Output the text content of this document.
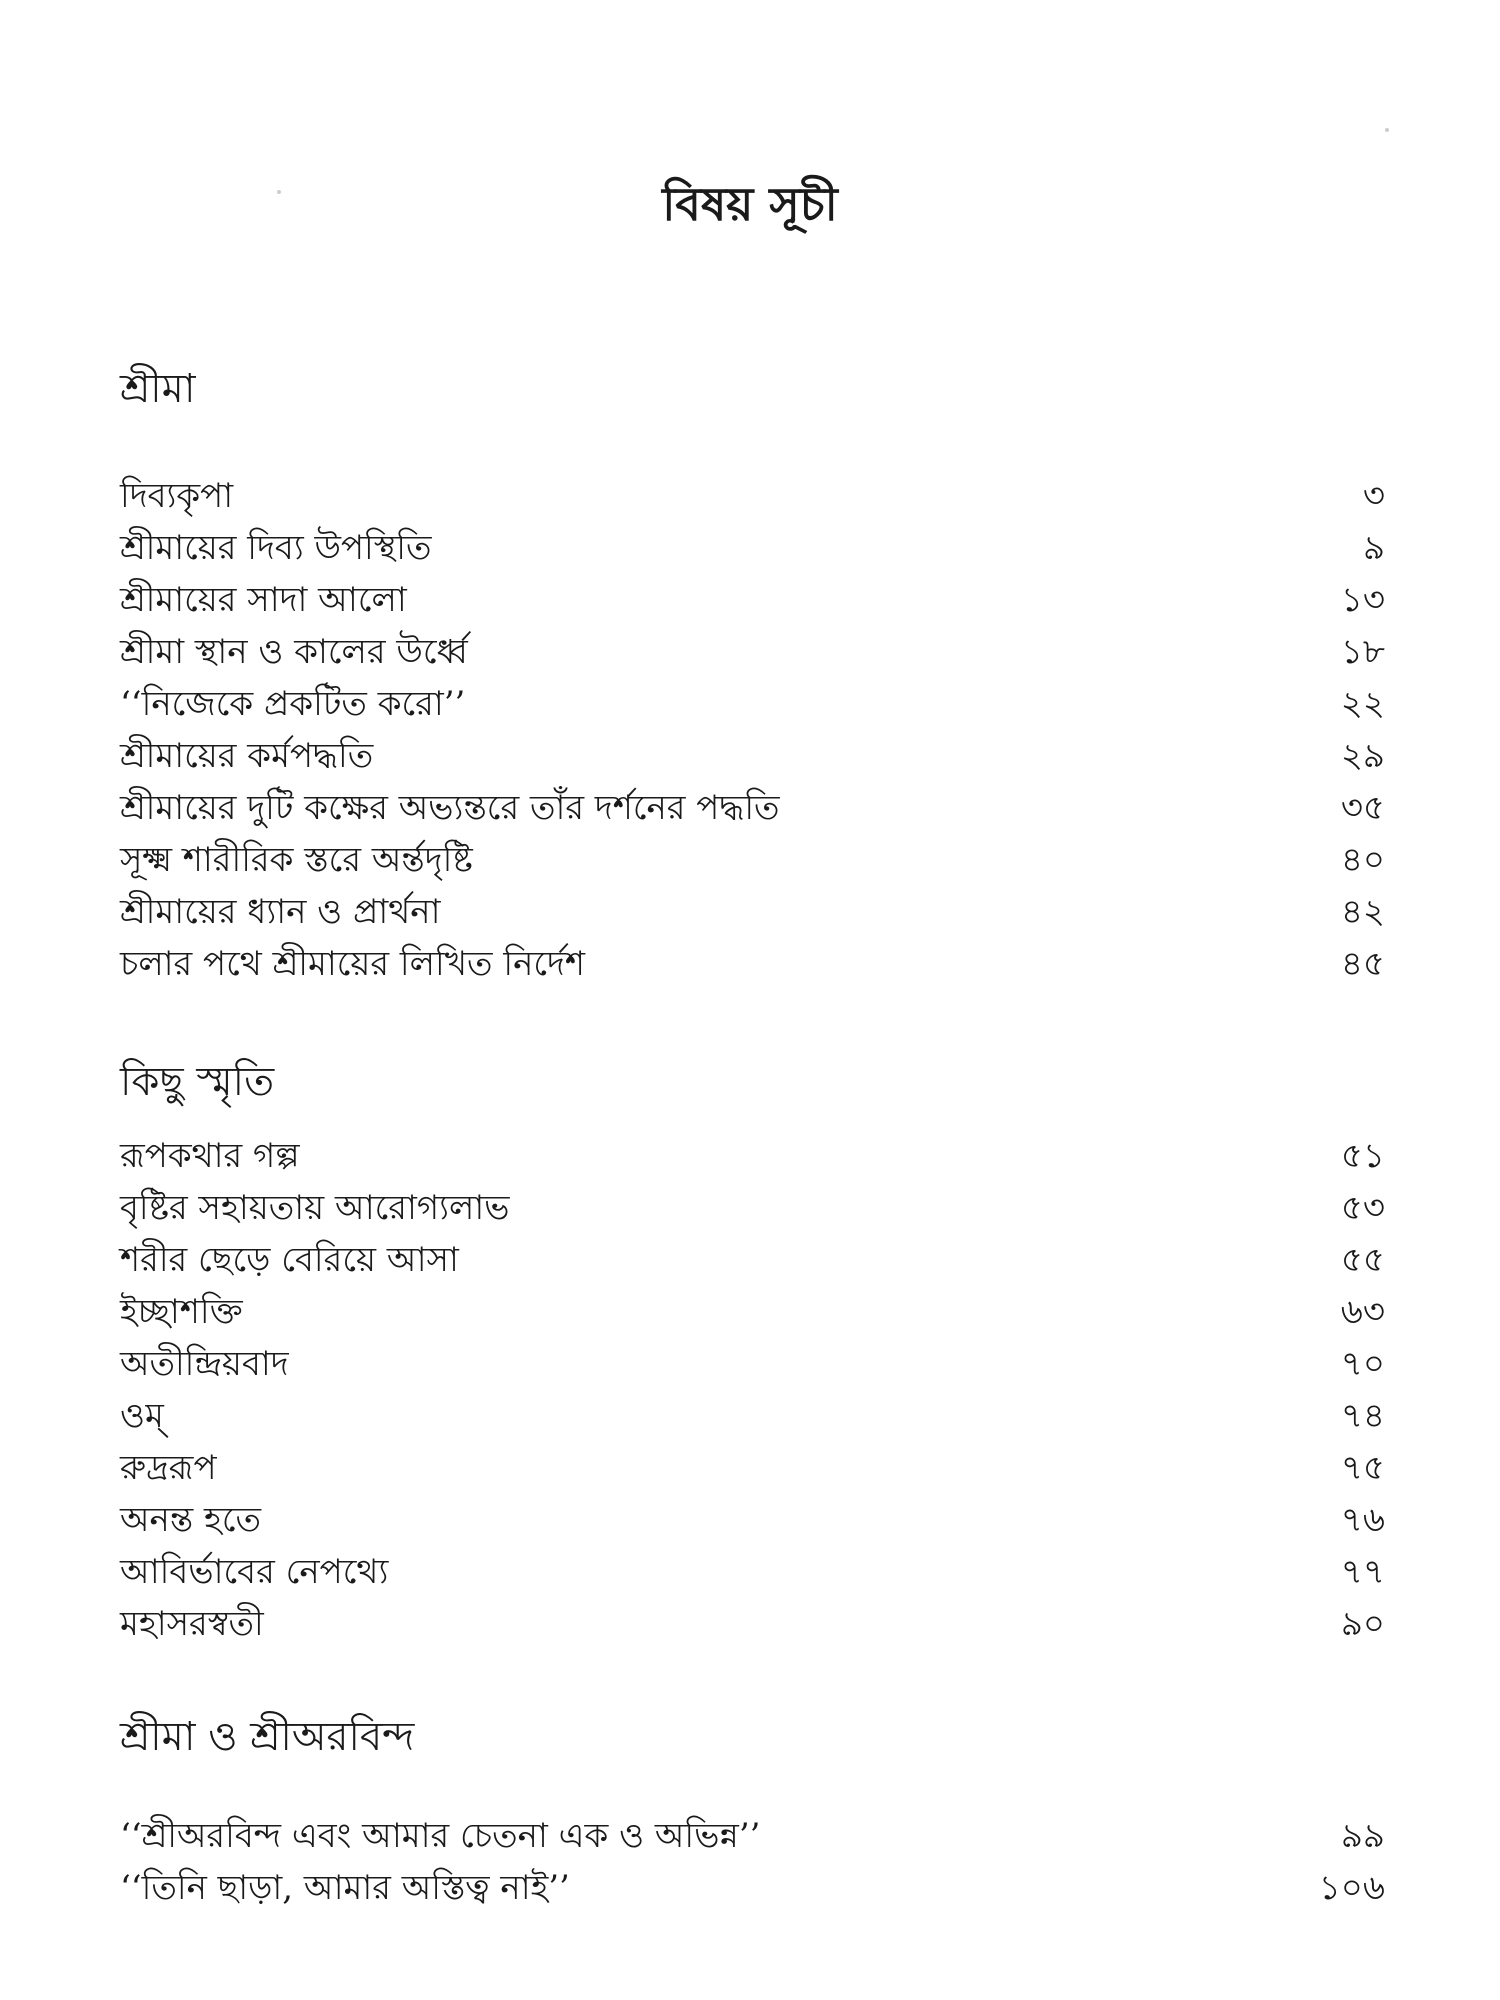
বিষয় সূচী
শ্রীমা
দিব্যকৃপা	৩
শ্রীমায়ের দিব্য উপস্থিতি	৯
শ্রীমায়ের সাদা আলো	১৩
শ্রীমা স্থান ও কালের উর্ধ্বে	১৮
‘‘নিজেকে প্রকটিত করো’’	২২
শ্রীমায়ের কর্মপদ্ধতি	২৯
শ্রীমায়ের দুটি কক্ষের অভ্যন্তরে তাঁর দর্শনের পদ্ধতি	৩৫
সূক্ষ্ম শারীরিক স্তরে অর্ন্তদৃষ্টি	৪০
শ্রীমায়ের ধ্যান ও প্রার্থনা	৪২
চলার পথে শ্রীমায়ের লিখিত নির্দেশ	৪৫
কিছু স্মৃতি
রূপকথার গল্প	৫১
বৃষ্টির সহায়তায় আরোগ্যলাভ	৫৩
শরীর ছেড়ে বেরিয়ে আসা	৫৫
ইচ্ছাশক্তি	৬৩
অতীন্দ্রিয়বাদ	৭০
ওম্	৭৪
রুদ্ররূপ	৭৫
অনন্ত হতে	৭৬
আবির্ভাবের নেপথ্যে	৭৭
মহাসরস্বতী	৯০
শ্রীমা ও শ্রীঅরবিন্দ
‘‘শ্রীঅরবিন্দ এবং আমার চেতনা এক ও অভিন্ন’’	৯৯
‘‘তিনি ছাড়া, আমার অস্তিত্ব নাই’’	১০৬
